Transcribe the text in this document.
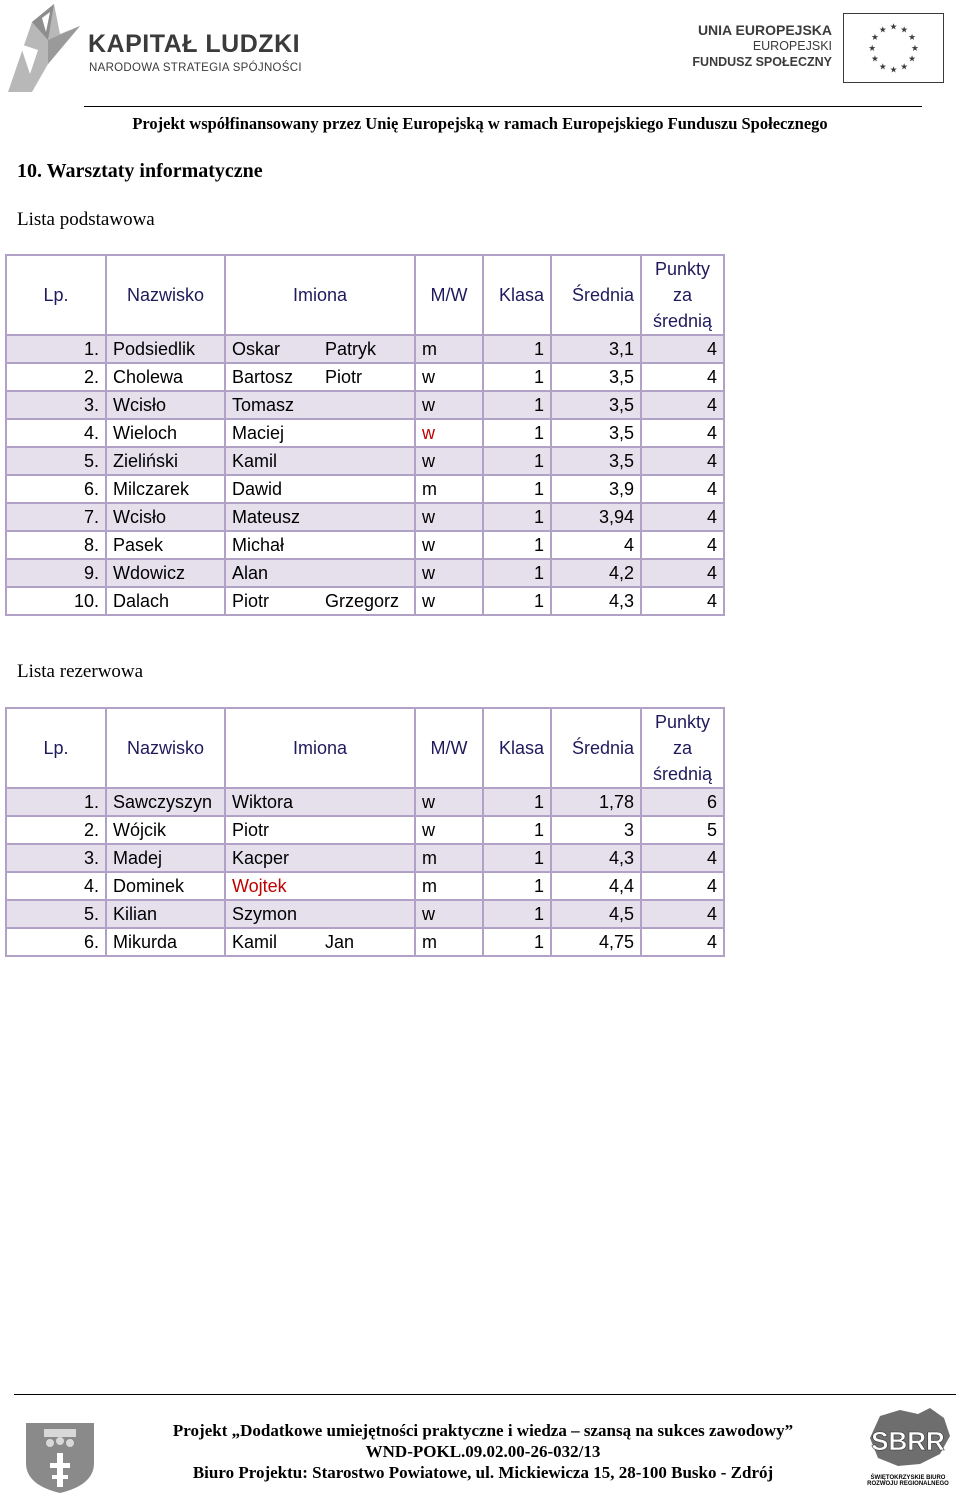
KAPITAŁ LUDZKI
NARODOWA STRATEGIA SPÓJNOŚCI
UNIA EUROPEJSKA
EUROPEJSKI
FUNDUSZ SPOŁECZNY
★
★
★
★
★
★
★
★
★ ★ ★
★
Projekt współfinansowany przez Unię Europejską w ramach Europejskiego Funduszu Społecznego
10. Warsztaty informatyczne
Lista podstawowa
Lp.	Nazwisko	Imiona	M/W	Klasa	Średnia	Punkty
za
średnią
1.	Podsiedlik	Oskar Patryk	m	1	3,1	4
2.	Cholewa	Bartosz Piotr	w	1	3,5	4
3.	Wcisło	Tomasz	w	1	3,5	4
4.	Wieloch	Maciej	w	1	3,5	4
5.	Zieliński	Kamil	w	1	3,5	4
6.	Milczarek	Dawid	m	1	3,9	4
7.	Wcisło	Mateusz	w	1	3,94	4
8.	Pasek	Michał	w	1	4	4
9.	Wdowicz	Alan	w	1	4,2	4
10.	Dalach	Piotr Grzegorz	w	1	4,3	4
Lista rezerwowa
Lp.	Nazwisko	Imiona	M/W	Klasa	Średnia	Punkty
za
średnią
1.	Sawczyszyn	Wiktora	w	1	1,78	6
2.	Wójcik	Piotr	w	1	3	5
3.	Madej	Kacper	m	1	4,3	4
4.	Dominek	Wojtek	m	1	4,4	4
5.	Kilian	Szymon	w	1	4,5	4
6.	Mikurda	Kamil Jan	m	1	4,75	4
Projekt „Dodatkowe umiejętności praktyczne i wiedza – szansą na sukces zawodowy”
WND-POKL.09.02.00-26-032/13
Biuro Projektu: Starostwo Powiatowe, ul. Mickiewicza 15, 28-100 Busko - Zdrój
SBRR
ŚWIĘTOKRZYSKIE BIURO
ROZWOJU REGIONALNEGO
